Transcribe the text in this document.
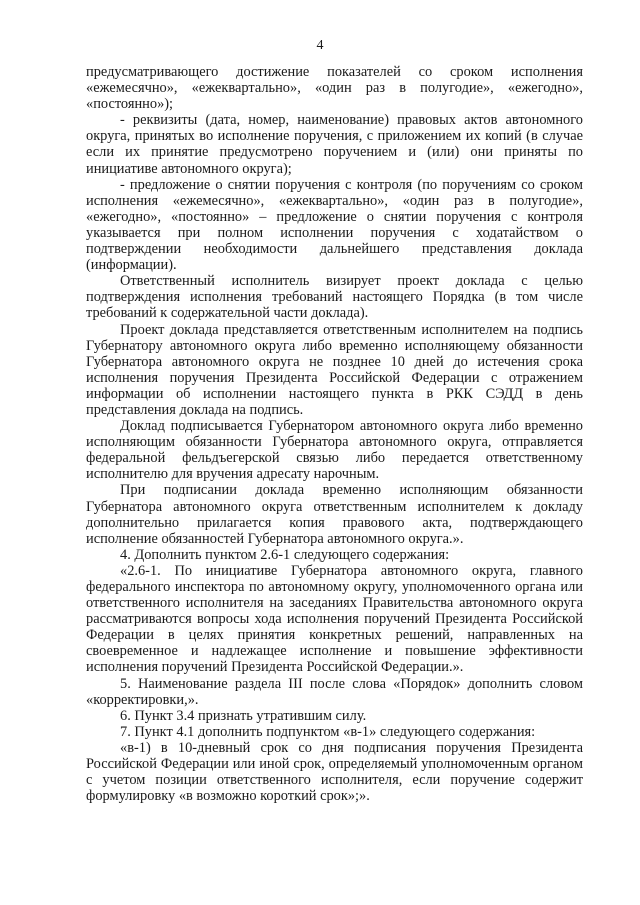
4

предусматривающего достижение показателей со сроком исполнения «ежемесячно», «ежеквартально», «один раз в полугодие», «ежегодно», «постоянно»);

- реквизиты (дата, номер, наименование) правовых актов автономного округа, принятых во исполнение поручения, с приложением их копий (в случае если их принятие предусмотрено поручением и (или) они приняты по инициативе автономного округа);

- предложение о снятии поручения с контроля (по поручениям со сроком исполнения «ежемесячно», «ежеквартально», «один раз в полугодие», «ежегодно», «постоянно» – предложение о снятии поручения с контроля указывается при полном исполнении поручения с ходатайством о подтверждении необходимости дальнейшего представления доклада (информации).

Ответственный исполнитель визирует проект доклада с целью подтверждения исполнения требований настоящего Порядка (в том числе требований к содержательной части доклада).

Проект доклада представляется ответственным исполнителем на подпись Губернатору автономного округа либо временно исполняющему обязанности Губернатора автономного округа не позднее 10 дней до истечения срока исполнения поручения Президента Российской Федерации с отражением информации об исполнении настоящего пункта в РКК СЭДД в день представления доклада на подпись.

Доклад подписывается Губернатором автономного округа либо временно исполняющим обязанности Губернатора автономного округа, отправляется федеральной фельдъегерской связью либо передается ответственному исполнителю для вручения адресату нарочным.

При подписании доклада временно исполняющим обязанности Губернатора автономного округа ответственным исполнителем к докладу дополнительно прилагается копия правового акта, подтверждающего исполнение обязанностей Губернатора автономного округа.».

4. Дополнить пунктом 2.6-1 следующего содержания:

«2.6-1. По инициативе Губернатора автономного округа, главного федерального инспектора по автономному округу, уполномоченного органа или ответственного исполнителя на заседаниях Правительства автономного округа рассматриваются вопросы хода исполнения поручений Президента Российской Федерации в целях принятия конкретных решений, направленных на своевременное и надлежащее исполнение и повышение эффективности исполнения поручений Президента Российской Федерации.».

5. Наименование раздела III после слова «Порядок» дополнить словом «корректировки,».

6. Пункт 3.4 признать утратившим силу.

7. Пункт 4.1 дополнить подпунктом «в-1» следующего содержания:

«в-1) в 10-дневный срок со дня подписания поручения Президента Российской Федерации или иной срок, определяемый уполномоченным органом с учетом позиции ответственного исполнителя, если поручение содержит формулировку «в возможно короткий срок»;».
